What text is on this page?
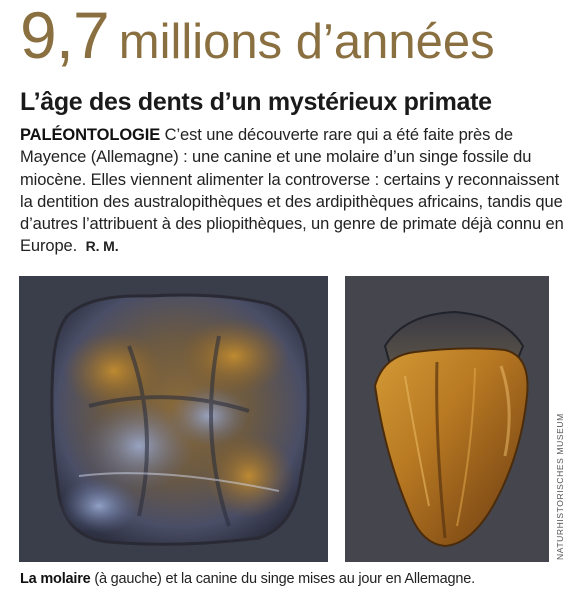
9,7 millions d’années
L’âge des dents d’un mystérieux primate
PALÉONTOLOGIE C’est une découverte rare qui a été faite près de Mayence (Allemagne) : une canine et une molaire d’un singe fossile du miocène. Elles viennent alimenter la controverse : certains y reconnaissent la dentition des australopithèques et des ardipithèques africains, tandis que d’autres l’attribuent à des pliopithèques, un genre de primate déjà connu en Europe. R. M.
NATURHISTORISCHES MUSEUM
La molaire (à gauche) et la canine du singe mises au jour en Allemagne.
